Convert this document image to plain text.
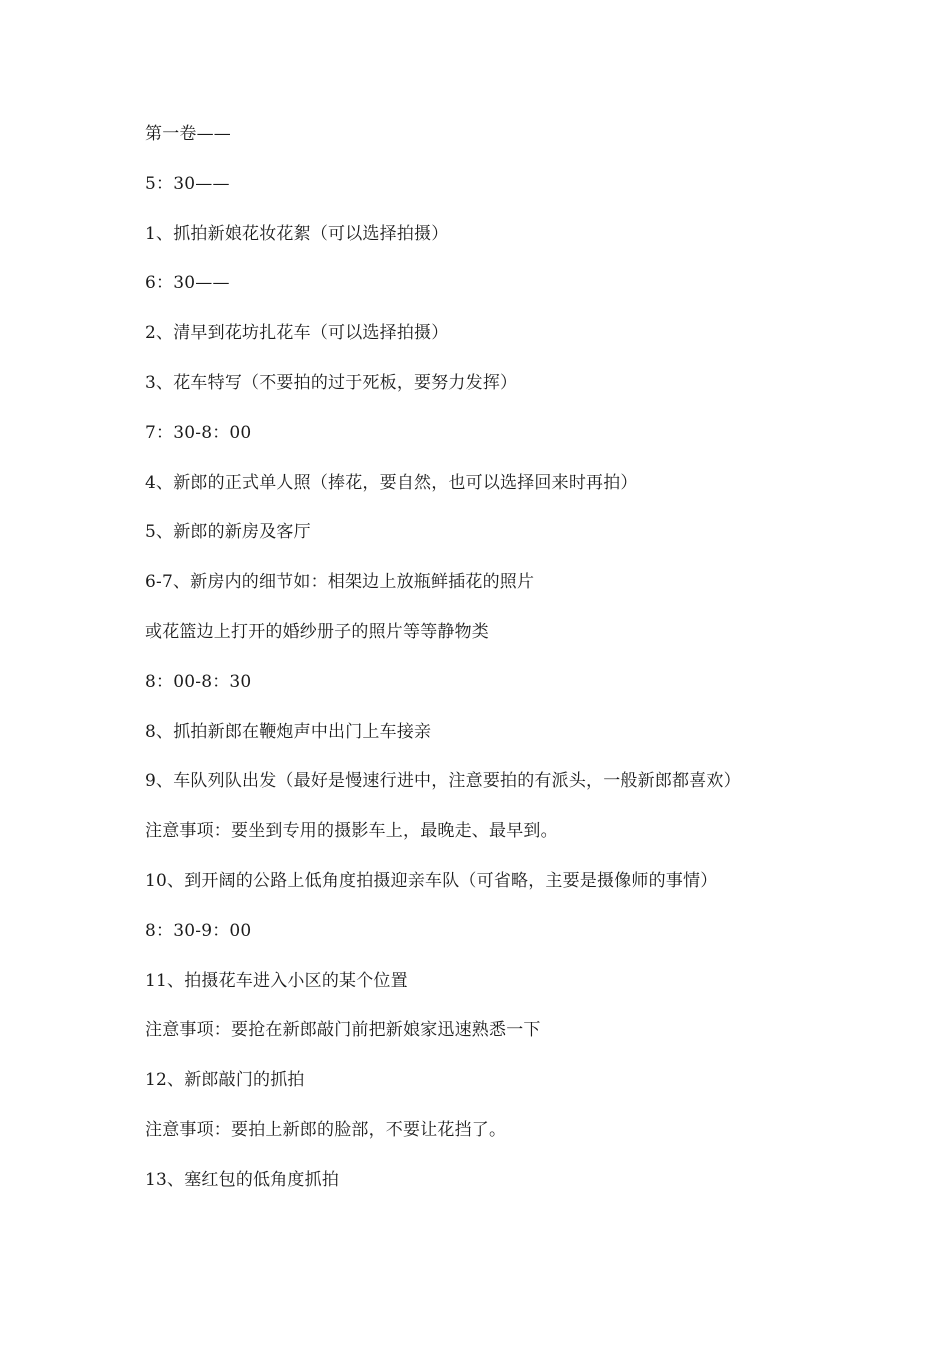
第一卷——
5：30——
1、抓拍新娘花妆花絮（可以选择拍摄）
6：30——
2、清早到花坊扎花车（可以选择拍摄）
3、花车特写（不要拍的过于死板，要努力发挥）
7：30-8：00
4、新郎的正式单人照（捧花，要自然，也可以选择回来时再拍）
5、新郎的新房及客厅
6-7、新房内的细节如：相架边上放瓶鲜插花的照片
或花篮边上打开的婚纱册子的照片等等静物类
8：00-8：30
8、抓拍新郎在鞭炮声中出门上车接亲
9、车队列队出发（最好是慢速行进中，注意要拍的有派头，一般新郎都喜欢）
注意事项：要坐到专用的摄影车上，最晚走、最早到。
10、到开阔的公路上低角度拍摄迎亲车队（可省略，主要是摄像师的事情）
8：30-9：00
11、拍摄花车进入小区的某个位置
注意事项：要抢在新郎敲门前把新娘家迅速熟悉一下
12、新郎敲门的抓拍
注意事项：要拍上新郎的脸部，不要让花挡了。
13、塞红包的低角度抓拍
